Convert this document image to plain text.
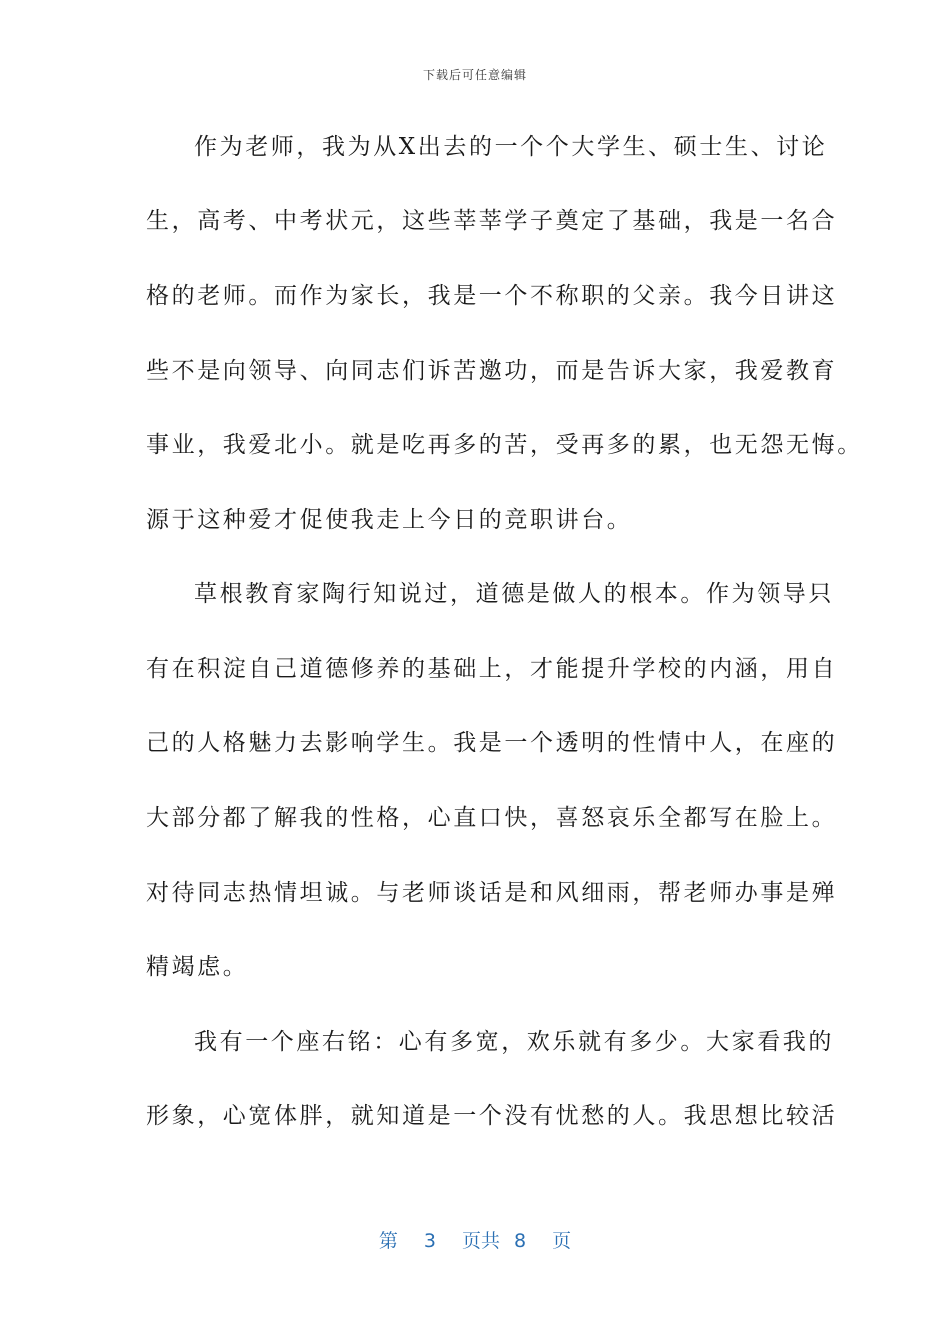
下载后可任意编辑
作为老师，我为从X出去的一个个大学生、硕士生、讨论
生，高考、中考状元，这些莘莘学子奠定了基础，我是一名合
格的老师。而作为家长，我是一个不称职的父亲。我今日讲这
些不是向领导、向同志们诉苦邀功，而是告诉大家，我爱教育
事业，我爱北小。就是吃再多的苦，受再多的累，也无怨无悔。
源于这种爱才促使我走上今日的竞职讲台。
草根教育家陶行知说过，道德是做人的根本。作为领导只
有在积淀自己道德修养的基础上，才能提升学校的内涵，用自
己的人格魅力去影响学生。我是一个透明的性情中人，在座的
大部分都了解我的性格，心直口快，喜怒哀乐全都写在脸上。
对待同志热情坦诚。与老师谈话是和风细雨，帮老师办事是殚
精竭虑。
我有一个座右铭：心有多宽，欢乐就有多少。大家看我的
形象，心宽体胖，就知道是一个没有忧愁的人。我思想比较活
第 3 页共 8 页
